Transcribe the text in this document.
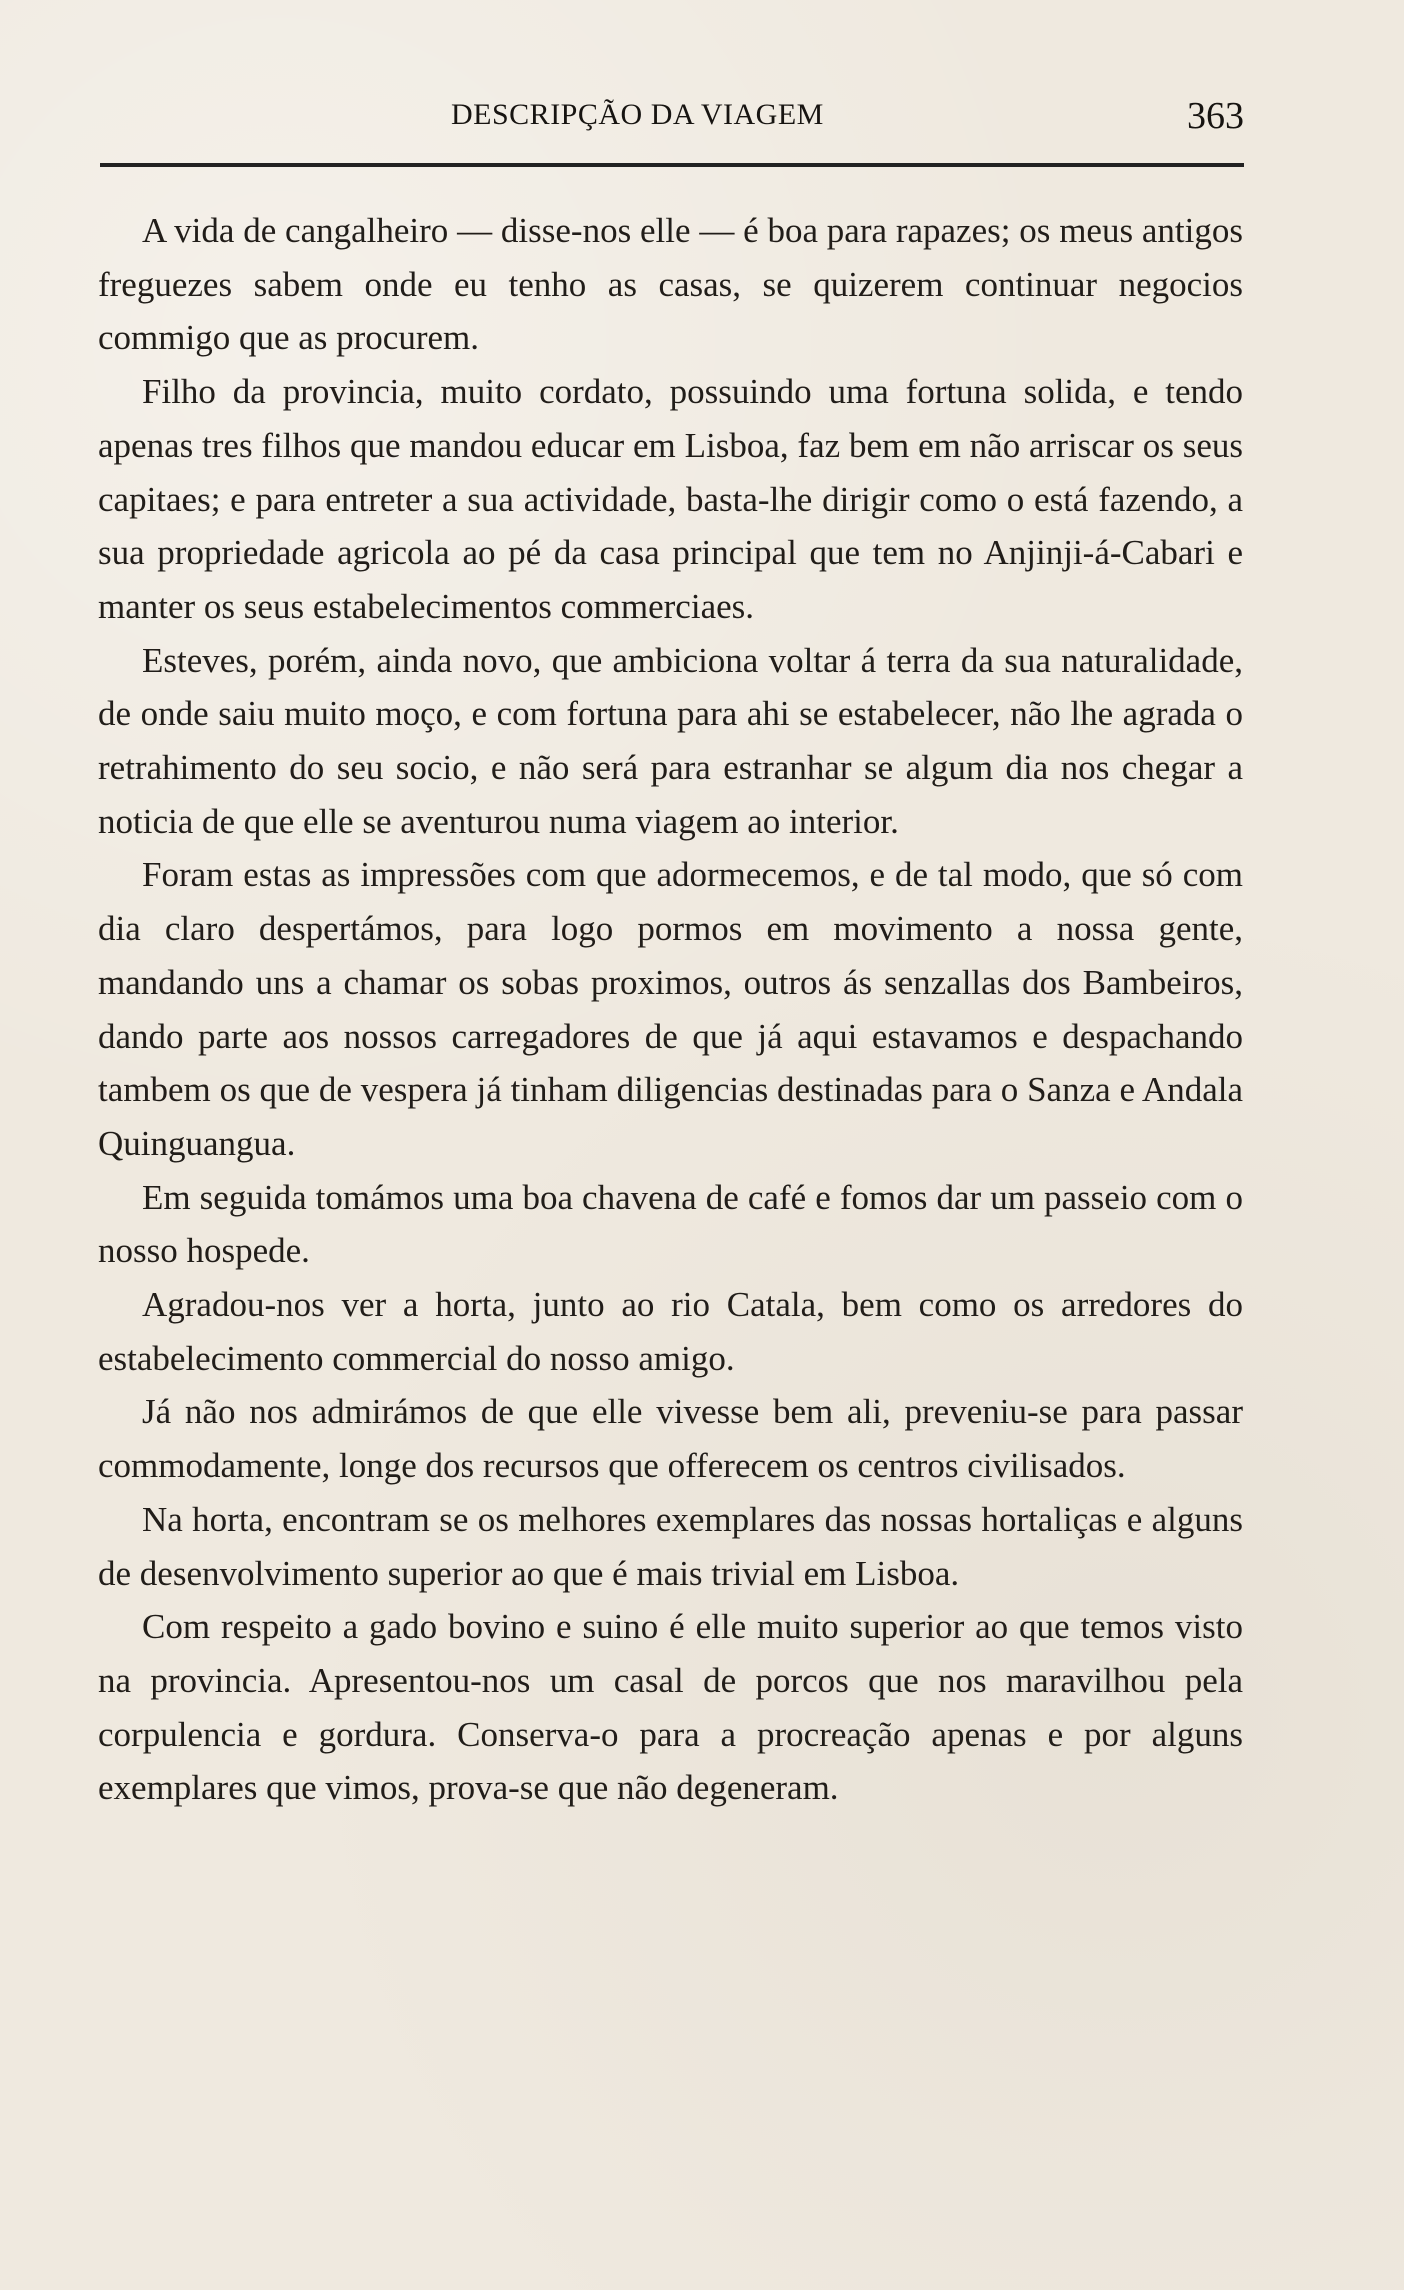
DESCRIPÇÃO DA VIAGEM	363

A vida de cangalheiro — disse-nos elle — é boa para rapazes; os meus antigos freguezes sabem onde eu tenho as casas, se quizerem continuar negocios commigo que as procurem.

Filho da provincia, muito cordato, possuindo uma fortuna solida, e tendo apenas tres filhos que mandou educar em Lisboa, faz bem em não arriscar os seus capitaes; e para entreter a sua actividade, basta-lhe dirigir como o está fazendo, a sua propriedade agricola ao pé da casa principal que tem no Anjinji-á-Cabari e manter os seus estabelecimentos commerciaes.

Esteves, porém, ainda novo, que ambiciona voltar á terra da sua naturalidade, de onde saiu muito moço, e com fortuna para ahi se estabelecer, não lhe agrada o retrahimento do seu socio, e não será para estranhar se algum dia nos chegar a noticia de que elle se aventurou numa viagem ao interior.

Foram estas as impressões com que adormecemos, e de tal modo, que só com dia claro despertámos, para logo pormos em movimento a nossa gente, mandando uns a chamar os sobas proximos, outros ás senzallas dos Bambeiros, dando parte aos nossos carregadores de que já aqui estavamos e despachando tambem os que de vespera já tinham diligencias destinadas para o Sanza e Andala Quinguangua.

Em seguida tomámos uma boa chavena de café e fomos dar um passeio com o nosso hospede.

Agradou-nos ver a horta, junto ao rio Catala, bem como os arredores do estabelecimento commercial do nosso amigo.

Já não nos admirámos de que elle vivesse bem ali, preveniu-se para passar commodamente, longe dos recursos que offerecem os centros civilisados.

Na horta, encontram se os melhores exemplares das nossas hortaliças e alguns de desenvolvimento superior ao que é mais trivial em Lisboa.

Com respeito a gado bovino e suino é elle muito superior ao que temos visto na provincia. Apresentou-nos um casal de porcos que nos maravilhou pela corpulencia e gordura. Conserva-o para a procreação apenas e por alguns exemplares que vimos, prova-se que não degeneram.
